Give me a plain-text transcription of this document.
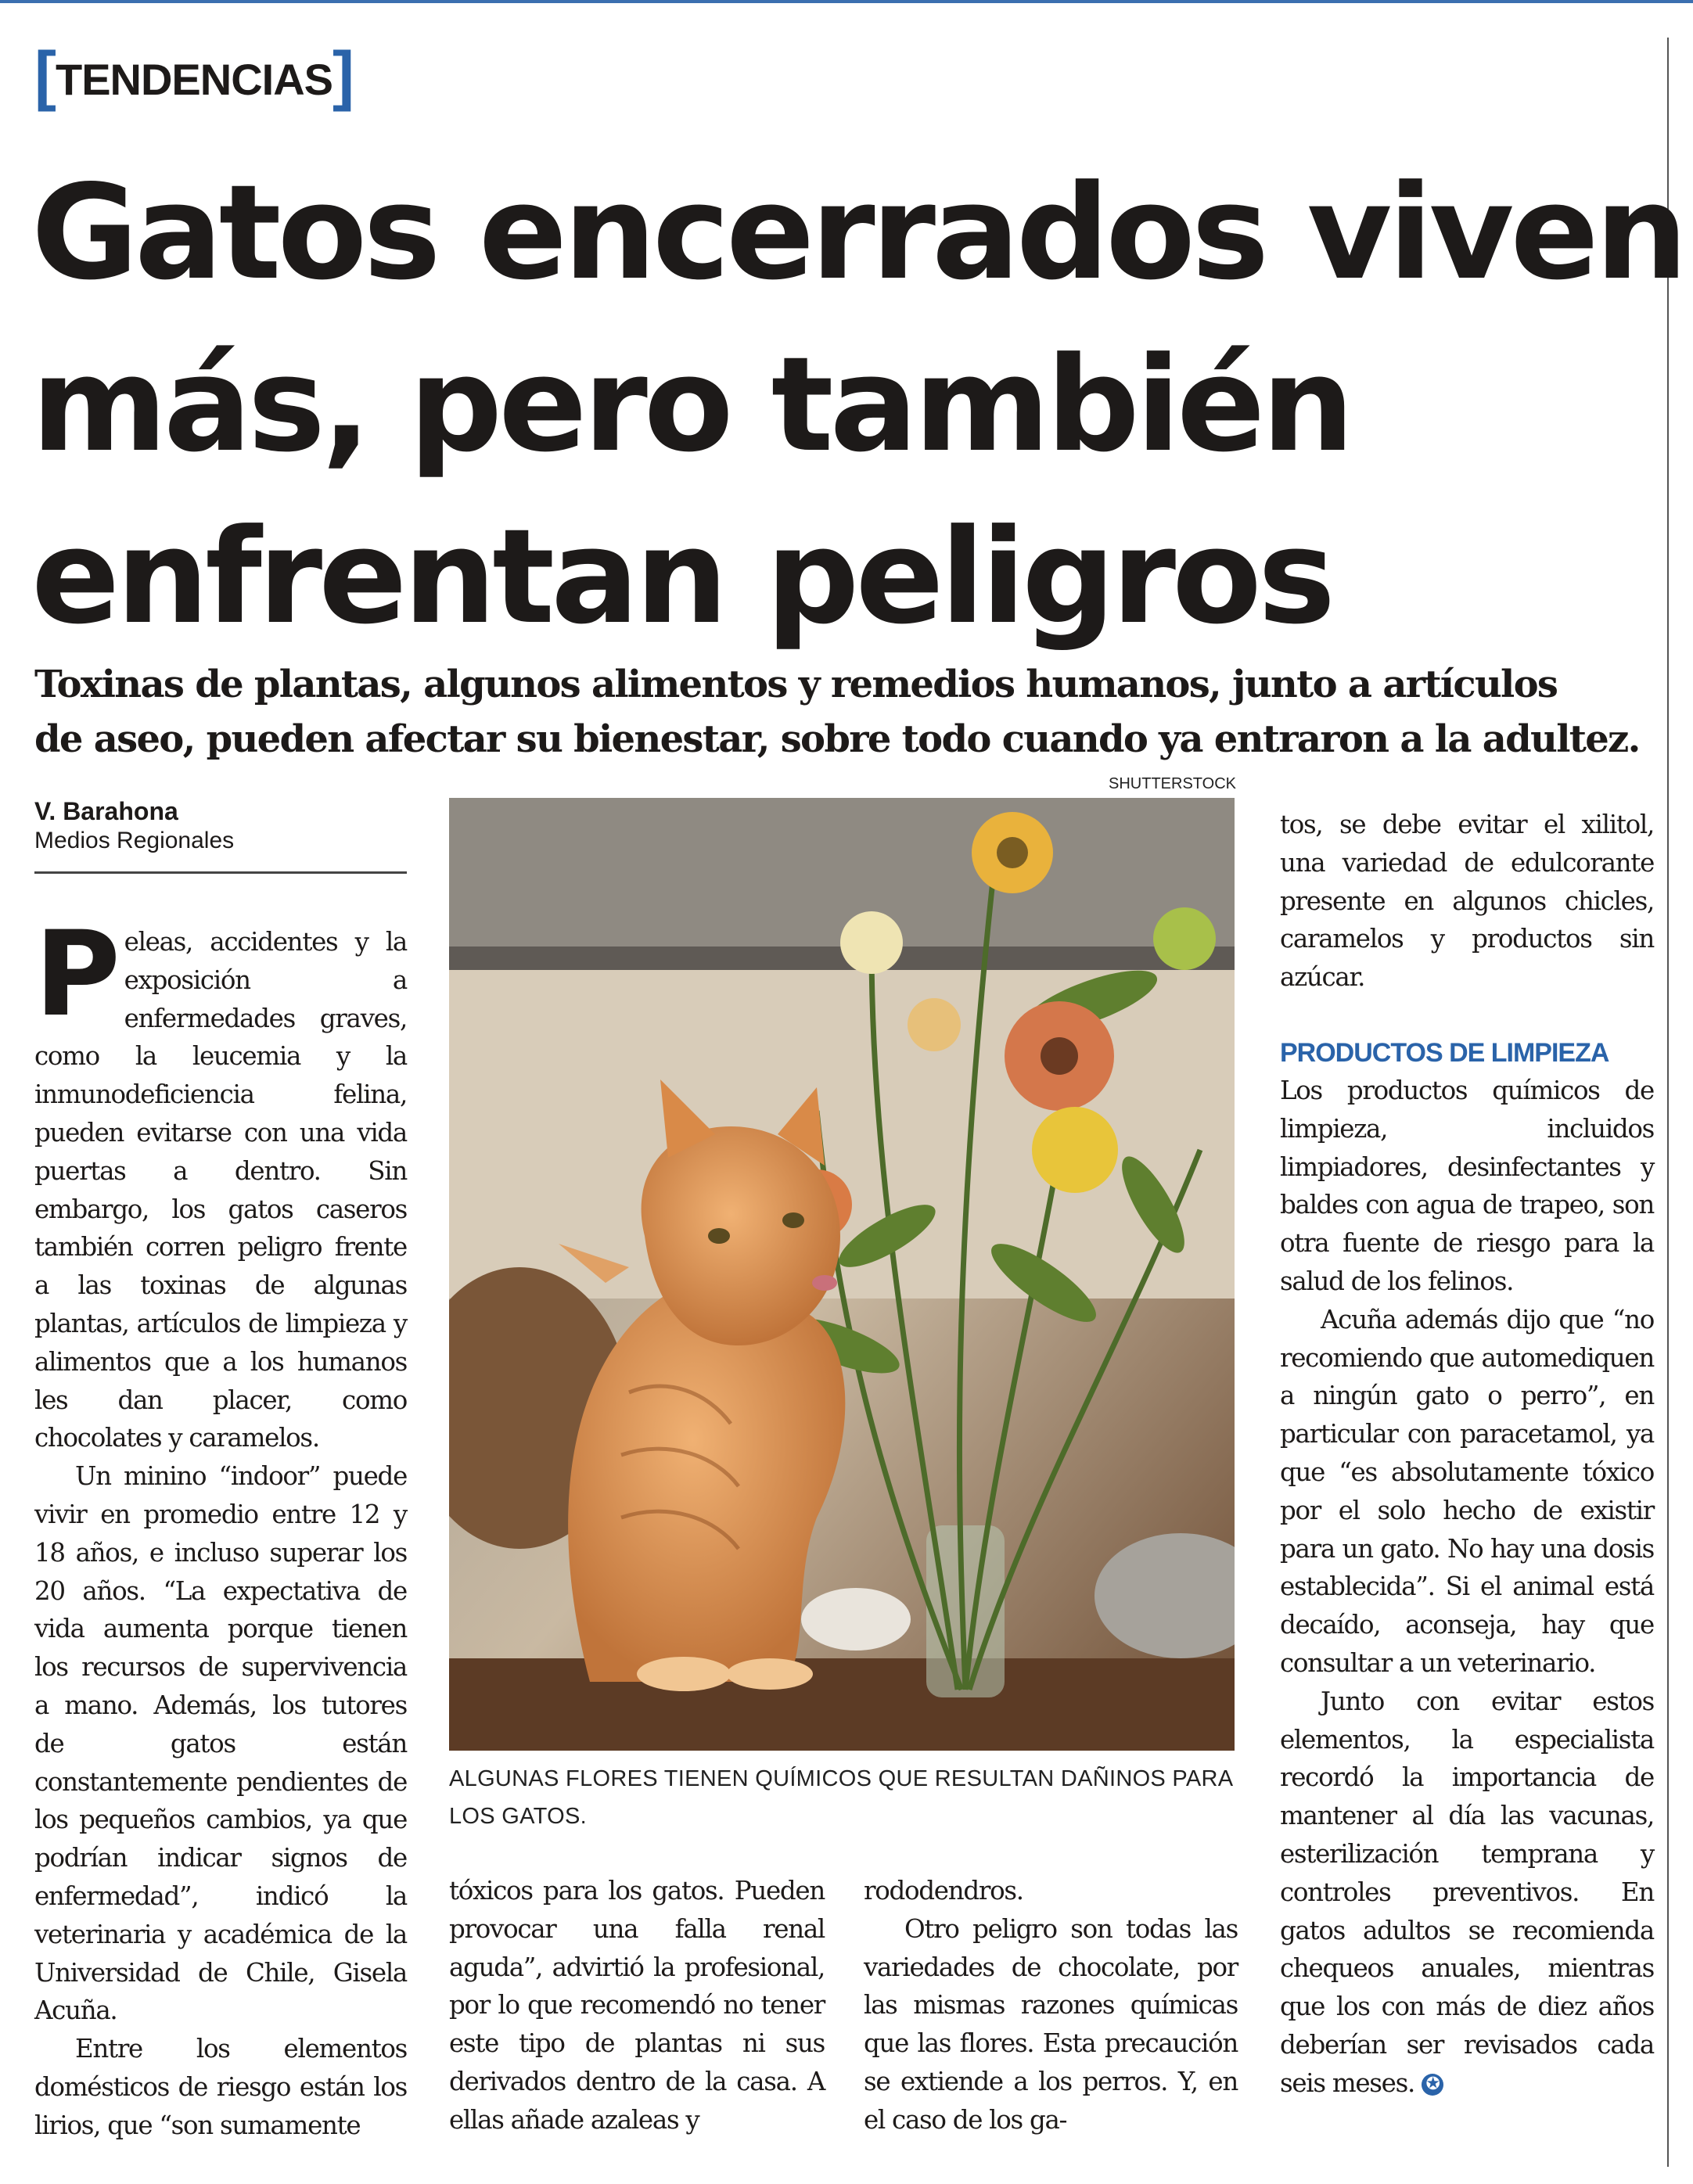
[TENDENCIAS]
Gatos encerrados viven
más, pero también
enfrentan peligros
Toxinas de plantas, algunos alimentos y remedios humanos, junto a artículos
de aseo, pueden afectar su bienestar, sobre todo cuando ya entraron a la adultez.
V. Barahona
Medios Regionales

Peleas, accidentes y la exposición a enfermedades graves, como la leucemia y la inmunodeficiencia felina, pueden evitarse con una vida puertas a dentro. Sin embargo, los gatos caseros también corren peligro frente a las toxinas de algunas plantas, artículos de limpieza y alimentos que a los humanos les dan placer, como chocolates y caramelos.

Un minino “indoor” puede vivir en promedio entre 12 y 18 años, e incluso superar los 20 años. “La expectativa de vida aumenta porque tienen los recursos de supervivencia a mano. Además, los tutores de gatos están constantemente pendientes de los pequeños cambios, ya que podrían indicar signos de enfermedad”, indicó la veterinaria y académica de la Universidad de Chile, Gisela Acuña.

Entre los elementos domésticos de riesgo están los lirios, que “son sumamente

SHUTTERSTOCK
ALGUNAS FLORES TIENEN QUÍMICOS QUE RESULTAN DAÑINOS PARA LOS GATOS.

tóxicos para los gatos. Pueden provocar una falla renal aguda”, advirtió la profesional, por lo que recomendó no tener este tipo de plantas ni sus derivados dentro de la casa. A ellas añade azaleas y

rododendros.

Otro peligro son todas las variedades de chocolate, por las mismas razones químicas que las flores. Esta precaución se extiende a los perros. Y, en el caso de los ga-

tos, se debe evitar el xilitol, una variedad de edulcorante presente en algunos chicles, caramelos y productos sin azúcar.

PRODUCTOS DE LIMPIEZA

Los productos químicos de limpieza, incluidos limpiadores, desinfectantes y baldes con agua de trapeo, son otra fuente de riesgo para la salud de los felinos.

Acuña además dijo que “no recomiendo que automediquen a ningún gato o perro”, en particular con paracetamol, ya que “es absolutamente tóxico por el solo hecho de existir para un gato. No hay una dosis establecida”. Si el animal está decaído, aconseja, hay que consultar a un veterinario.

Junto con evitar estos elementos, la especialista recordó la importancia de mantener al día las vacunas, esterilización temprana y controles preventivos. En gatos adultos se recomienda chequeos anuales, mientras que los con más de diez años deberían ser revisados cada seis meses. ✪
